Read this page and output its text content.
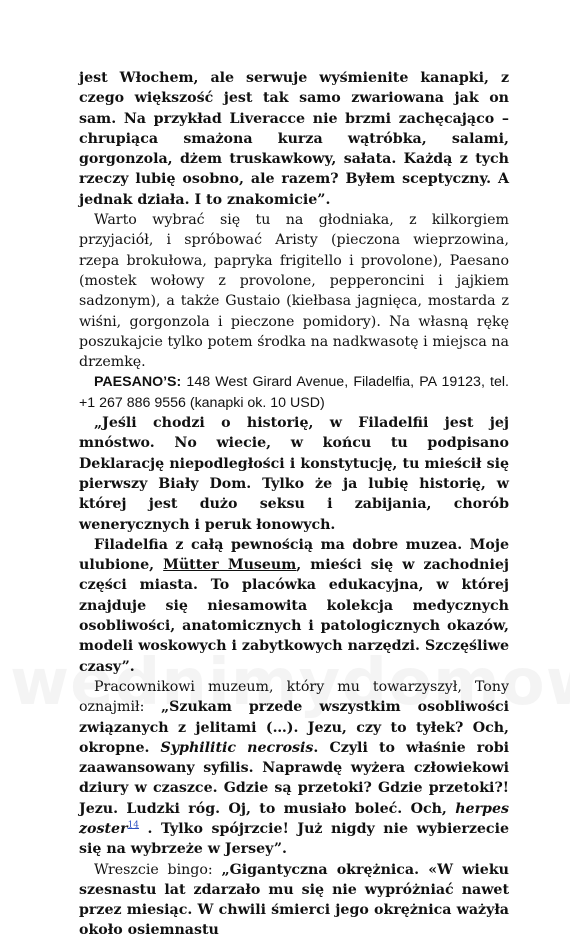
jest Włochem, ale serwuje wyśmienite kanapki, z czego większość jest tak samo zwariowana jak on sam. Na przykład Liveracce nie brzmi zachęcająco – chrupiąca smażona kurza wątróbka, salami, gorgonzola, dżem truskawkowy, sałata. Każdą z tych rzeczy lubię osobno, ale razem? Byłem sceptyczny. A jednak działa. I to znakomicie”.

Warto wybrać się tu na głodniaka, z kilkorgiem przyjaciół, i spróbować Aristy (pieczona wieprzowina, rzepa brokułowa, papryka frigitello i provolone), Paesano (mostek wołowy z provolone, pepperoncini i jajkiem sadzonym), a także Gustaio (kiełbasa jagnięca, mostarda z wiśni, gorgonzola i pieczone pomidory). Na własną rękę poszukajcie tylko potem środka na nadkwasotę i miejsca na drzemkę.

PAESANO’S: 148 West Girard Avenue, Filadelfia, PA 19123, tel. +1 267 886 9556 (kanapki ok. 10 USD)

„Jeśli chodzi o historię, w Filadelfii jest jej mnóstwo. No wiecie, w końcu tu podpisano Deklarację niepodległości i konstytucję, tu mieścił się pierwszy Biały Dom. Tylko że ja lubię historię, w której jest dużo seksu i zabijania, chorób wenerycznych i peruk łonowych.

Filadelfia z całą pewnością ma dobre muzea. Moje ulubione, Mütter Museum, mieści się w zachodniej części miasta. To placówka edukacyjna, w której znajduje się niesamowita kolekcja medycznych osobliwości, anatomicznych i patologicznych okazów, modeli woskowych i zabytkowych narzędzi. Szczęśliwe czasy”.

Pracownikowi muzeum, który mu towarzyszył, Tony oznajmił: „Szukam przede wszystkim osobliwości związanych z jelitami (…). Jezu, czy to tyłek? Och, okropne. Syphilitic necrosis. Czyli to właśnie robi zaawansowany syfilis. Naprawdę wyżera człowiekowi dziury w czaszce. Gdzie są przetoki? Gdzie przetoki?! Jezu. Ludzki róg. Oj, to musiało boleć. Och, herpes zoster$^{14}$ . Tylko spójrzcie! Już nigdy nie wybierzecie się na wybrzeże w Jersey”.

Wreszcie bingo: „Gigantyczna okrężnica. «W wieku szesnastu lat zdarzało mu się nie wypróżniać nawet przez miesiąc. W chwili śmierci jego okrężnica ważyła około osiemnastu
